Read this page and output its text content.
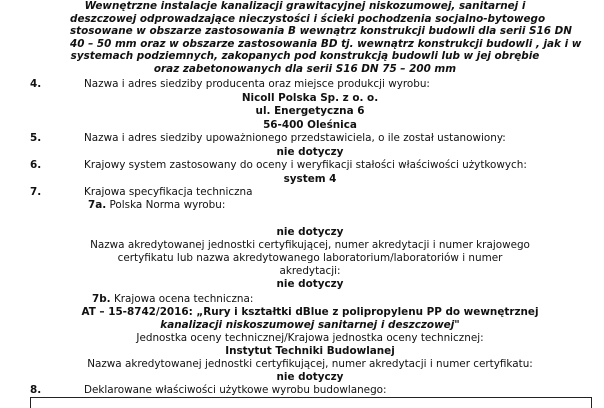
Wewnętrzne instalacje kanalizacji grawitacyjnej niskozumowej, sanitarnej i
deszczowej odprowadzające nieczystości i ścieki pochodzenia socjalno-bytowego
stosowane w obszarze zastosowania B wewnątrz konstrukcji budowli dla serii S16 DN
40 – 50 mm oraz w obszarze zastosowania BD tj. wewnątrz konstrukcji budowli , jak i w
systemach podziemnych, zakopanych pod konstrukcją budowli lub w jej obrębie
oraz zabetonowanych dla serii S16 DN 75 – 200 mm
4.	Nazwa i adres siedziby producenta oraz miejsce produkcji wyrobu:
Nicoll Polska Sp. z o. o.
ul. Energetyczna 6
56-400 Oleśnica
5.	Nazwa i adres siedziby upoważnionego przedstawiciela, o ile został ustanowiony:
nie dotyczy
6.	Krajowy system zastosowany do oceny i weryfikacji stałości właściwości użytkowych:
system 4
7.	Krajowa specyfikacja techniczna
7a. Polska Norma wyrobu:
nie dotyczy
Nazwa akredytowanej jednostki certyfikującej, numer akredytacji i numer krajowego
certyfikatu lub nazwa akredytowanego laboratorium/laboratoriów i numer
akredytacji:
nie dotyczy
7b. Krajowa ocena techniczna:
AT – 15-8742/2016: „Rury i kształtki dBlue z polipropylenu PP do wewnętrznej
kanalizacji niskoszumowej sanitarnej i deszczowej"
Jednostka oceny technicznej/Krajowa jednostka oceny technicznej:
Instytut Techniki Budowlanej
Nazwa akredytowanej jednostki certyfikującej, numer akredytacji i numer certyfikatu:
nie dotyczy
8.	Deklarowane właściwości użytkowe wyrobu budowlanego:
